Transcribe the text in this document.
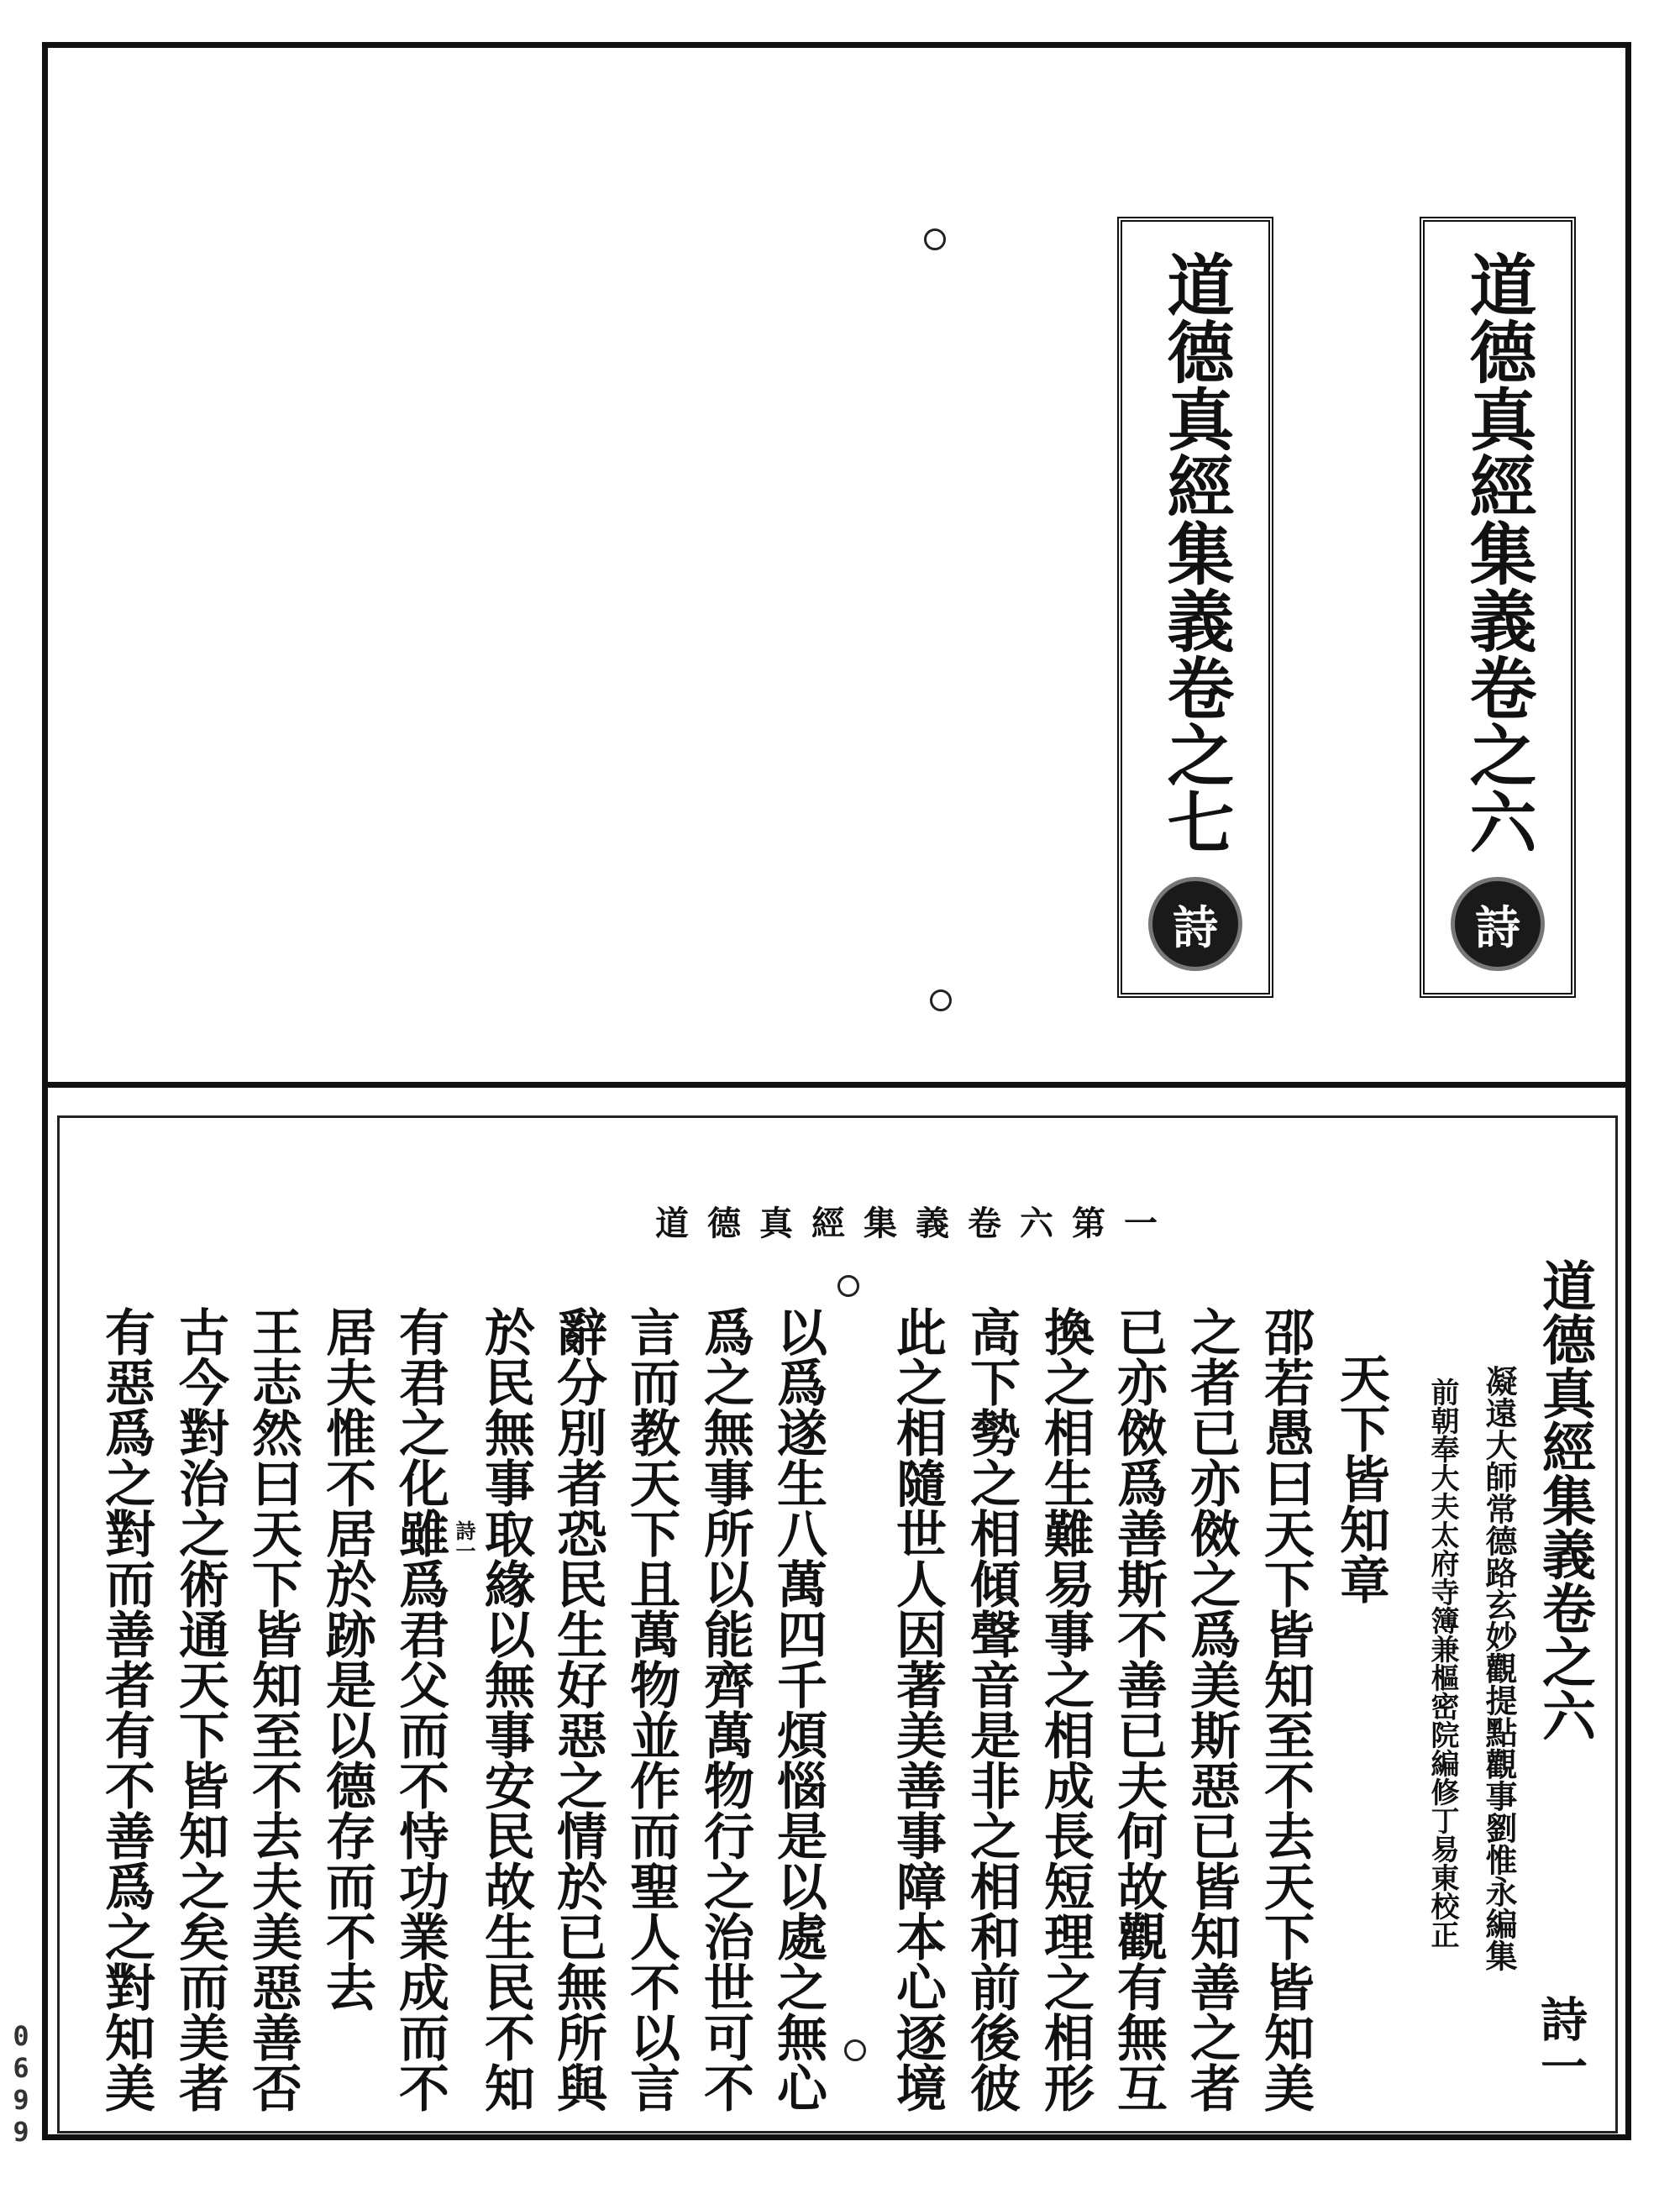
道德真經集義卷之六
詩
道德真經集義卷之七
詩
道德真經集義卷六第一
道德真經集義卷之六
詩一
凝遠大師常德路玄妙觀提點觀事劉惟永編集
前朝奉大夫太府寺簿兼樞密院編修丁易東校正
天下皆知章
邵若愚曰天下皆知至不去天下皆知美
之者已亦傚之爲美斯惡已皆知善之者
已亦傚爲善斯不善已夫何故觀有無互
換之相生難易事之相成長短理之相形
高下勢之相傾聲音是非之相和前後彼
此之相隨世人因著美善事障本心逐境
以爲遂生八萬四千煩惱是以處之無心
爲之無事所以能齊萬物行之治世可不
言而教天下且萬物並作而聖人不以言
辭分別者恐民生好惡之情於已無所與
於民無事取緣以無事安民故生民不知
有君之化雖爲君父而不恃功業成而不
居夫惟不居於跡是以德存而不去
王志然曰天下皆知至不去夫美惡善否
古今對治之術通天下皆知之矣而美者
有惡爲之對而善者有不善爲之對知美	詩一
0699
